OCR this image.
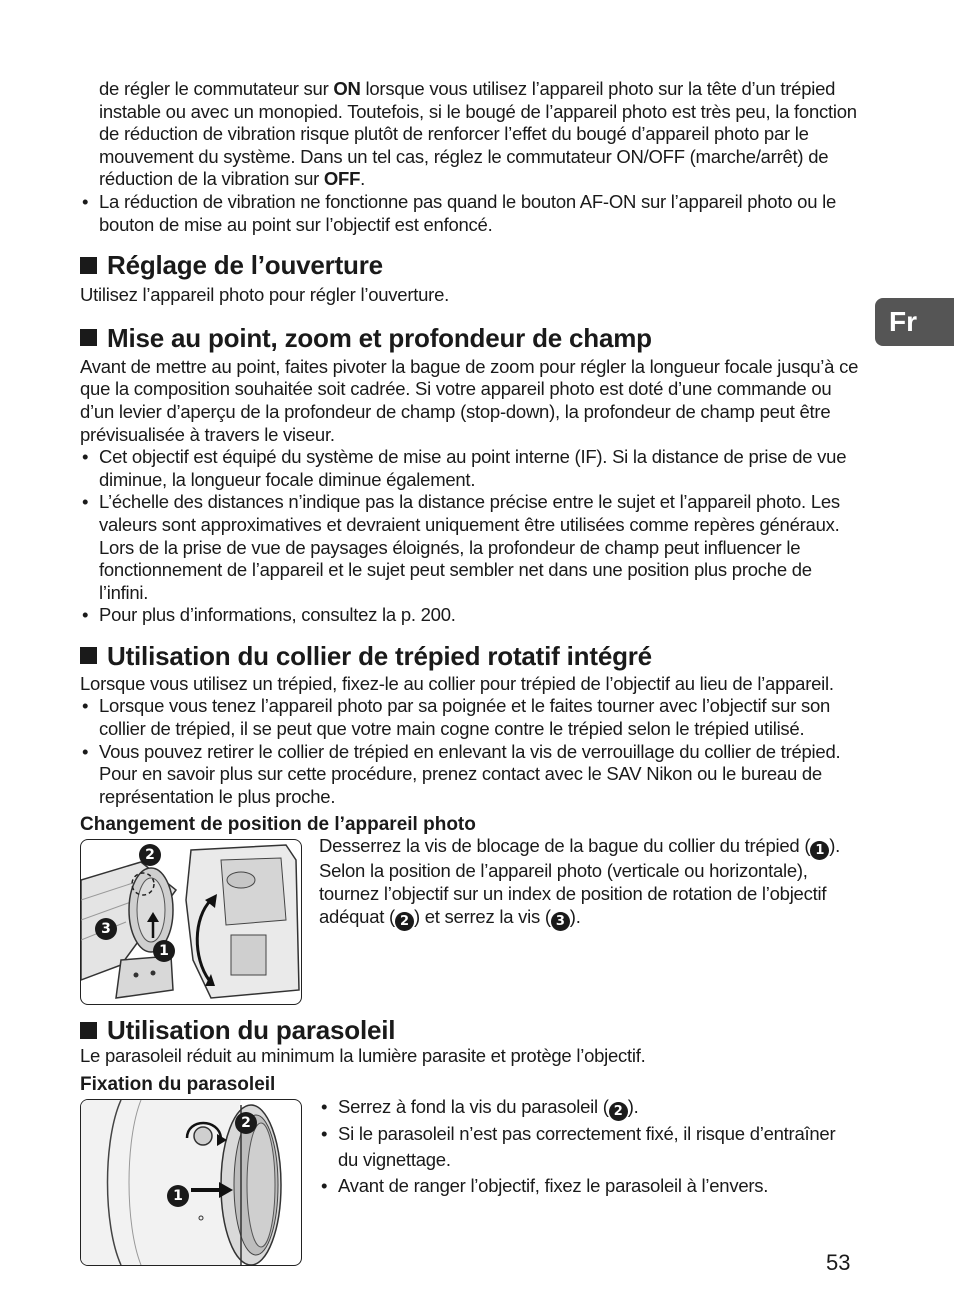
Fr

de régler le commutateur sur ON lorsque vous utilisez l’appareil photo sur la tête d’un trépied instable ou avec un monopied. Toutefois, si le bougé de l’appareil photo est très peu, la fonction de réduction de vibration risque plutôt de renforcer l’effet du bougé d’appareil photo par le mouvement du système. Dans un tel cas, réglez le commutateur ON/OFF (marche/arrêt) de réduction de la vibration sur OFF.

• La réduction de vibration ne fonctionne pas quand le bouton AF-ON sur l’appareil photo ou le bouton de mise au point sur l’objectif est enfoncé.
Réglage de l’ouverture

Utilisez l’appareil photo pour régler l’ouverture.

Mise au point, zoom et profondeur de champ

Avant de mettre au point, faites pivoter la bague de zoom pour régler la longueur focale jusqu’à ce que la composition souhaitée soit cadrée. Si votre appareil photo est doté d’une commande ou d’un levier d’aperçu de la profondeur de champ (stop-down), la profondeur de champ peut être prévisualisée à travers le viseur.

• Cet objectif est équipé du système de mise au point interne (IF). Si la distance de prise de vue diminue, la longueur focale diminue également.
• L’échelle des distances n’indique pas la distance précise entre le sujet et l’appareil photo. Les valeurs sont approximatives et devraient uniquement être utilisées comme repères généraux. Lors de la prise de vue de paysages éloignés, la profondeur de champ peut influencer le fonctionnement de l’appareil et le sujet peut sembler net dans une position plus proche de l’infini.
• Pour plus d’informations, consultez la p. 200.
Utilisation du collier de trépied rotatif intégré

Lorsque vous utilisez un trépied, fixez-le au collier pour trépied de l’objectif au lieu de l’appareil.

• Lorsque vous tenez l’appareil photo par sa poignée et le faites tourner avec l’objectif sur son collier de trépied, il se peut que votre main cogne contre le trépied selon le trépied utilisé.
• Vous pouvez retirer le collier de trépied en enlevant la vis de verrouillage du collier de trépied. Pour en savoir plus sur cette procédure, prenez contact avec le SAV Nikon ou le bureau de représentation le plus proche.
Changement de position de l’appareil photo
2
3
1

Desserrez la vis de blocage de la bague du collier du trépied ( 1 ). Selon la position de l’appareil photo (verticale ou horizontale), tournez l’objectif sur un index de position de rotation de l’objectif adéquat ( 2 ) et serrez la vis ( 3 ).

Utilisation du parasoleil

Le parasoleil réduit au minimum la lumière parasite et protège l’objectif.

Fixation du parasoleil
2
1
• Serrez à fond la vis du parasoleil ( 2 ).
• Si le parasoleil n’est pas correctement fixé, il risque d’entraîner du vignettage.
• Avant de ranger l’objectif, fixez le parasoleil à l’envers.
53
